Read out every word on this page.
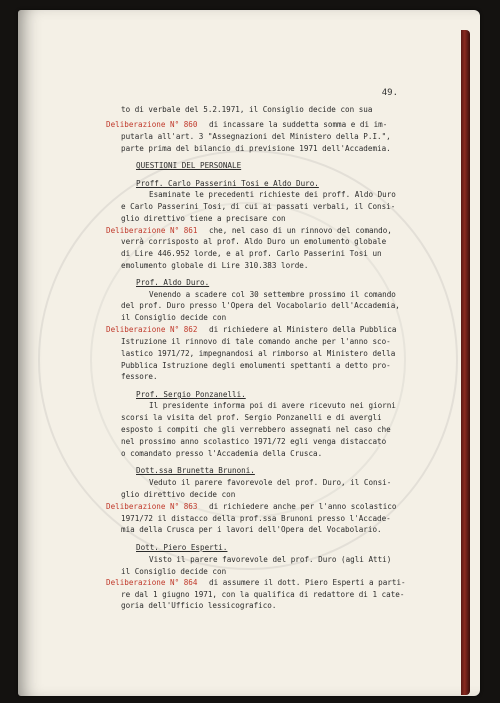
49.
to di verbale del 5.2.1971, il Consiglio decide con sua
Deliberazione N° 860 di incassare la suddetta somma e di im-
putarla all'art. 3 "Assegnazioni del Ministero della P.I.",
parte prima del bilancio di previsione 1971 dell'Accademia.
QUESTIONI DEL PERSONALE
Proff. Carlo Passerini Tosi e Aldo Duro.
Esaminate le precedenti richieste dei proff. Aldo Duro
e Carlo Passerini Tosi, di cui ai passati verbali, il Consi-
glio direttivo tiene a precisare con
Deliberazione N° 861 che, nel caso di un rinnovo del comando,
verrà corrisposto al prof. Aldo Duro un emolumento globale
di Lire 446.952 lorde, e al prof. Carlo Passerini Tosi un
emolumento globale di Lire 310.383 lorde.
Prof. Aldo Duro.
Venendo a scadere col 30 settembre prossimo il comando
del prof. Duro presso l'Opera del Vocabolario dell'Accademia,
il Consiglio decide con
Deliberazione N° 862 di richiedere al Ministero della Pubblica
Istruzione il rinnovo di tale comando anche per l'anno sco-
lastico 1971/72, impegnandosi al rimborso al Ministero della
Pubblica Istruzione degli emolumenti spettanti a detto pro-
fessore.
Prof. Sergio Ponzanelli.
Il presidente informa poi di avere ricevuto nei giorni
scorsi la visita del prof. Sergio Ponzanelli e di avergli
esposto i compiti che gli verrebbero assegnati nel caso che
nel prossimo anno scolastico 1971/72 egli venga distaccato
o comandato presso l'Accademia della Crusca.
Dott.ssa Brunetta Brunoni.
Veduto il parere favorevole del prof. Duro, il Consi-
glio direttivo decide con
Deliberazione N° 863 di richiedere anche per l'anno scolastico
1971/72 il distacco della prof.ssa Brunoni presso l'Accade-
mia della Crusca per i lavori dell'Opera del Vocabolario.
Dott. Piero Esperti.
Visto il parere favorevole del prof. Duro (agli Atti)
il Consiglio decide con
Deliberazione N° 864 di assumere il dott. Piero Esperti a parti-
re dal 1 giugno 1971, con la qualifica di redattore di 1 cate-
goria dell'Ufficio lessicografico.
